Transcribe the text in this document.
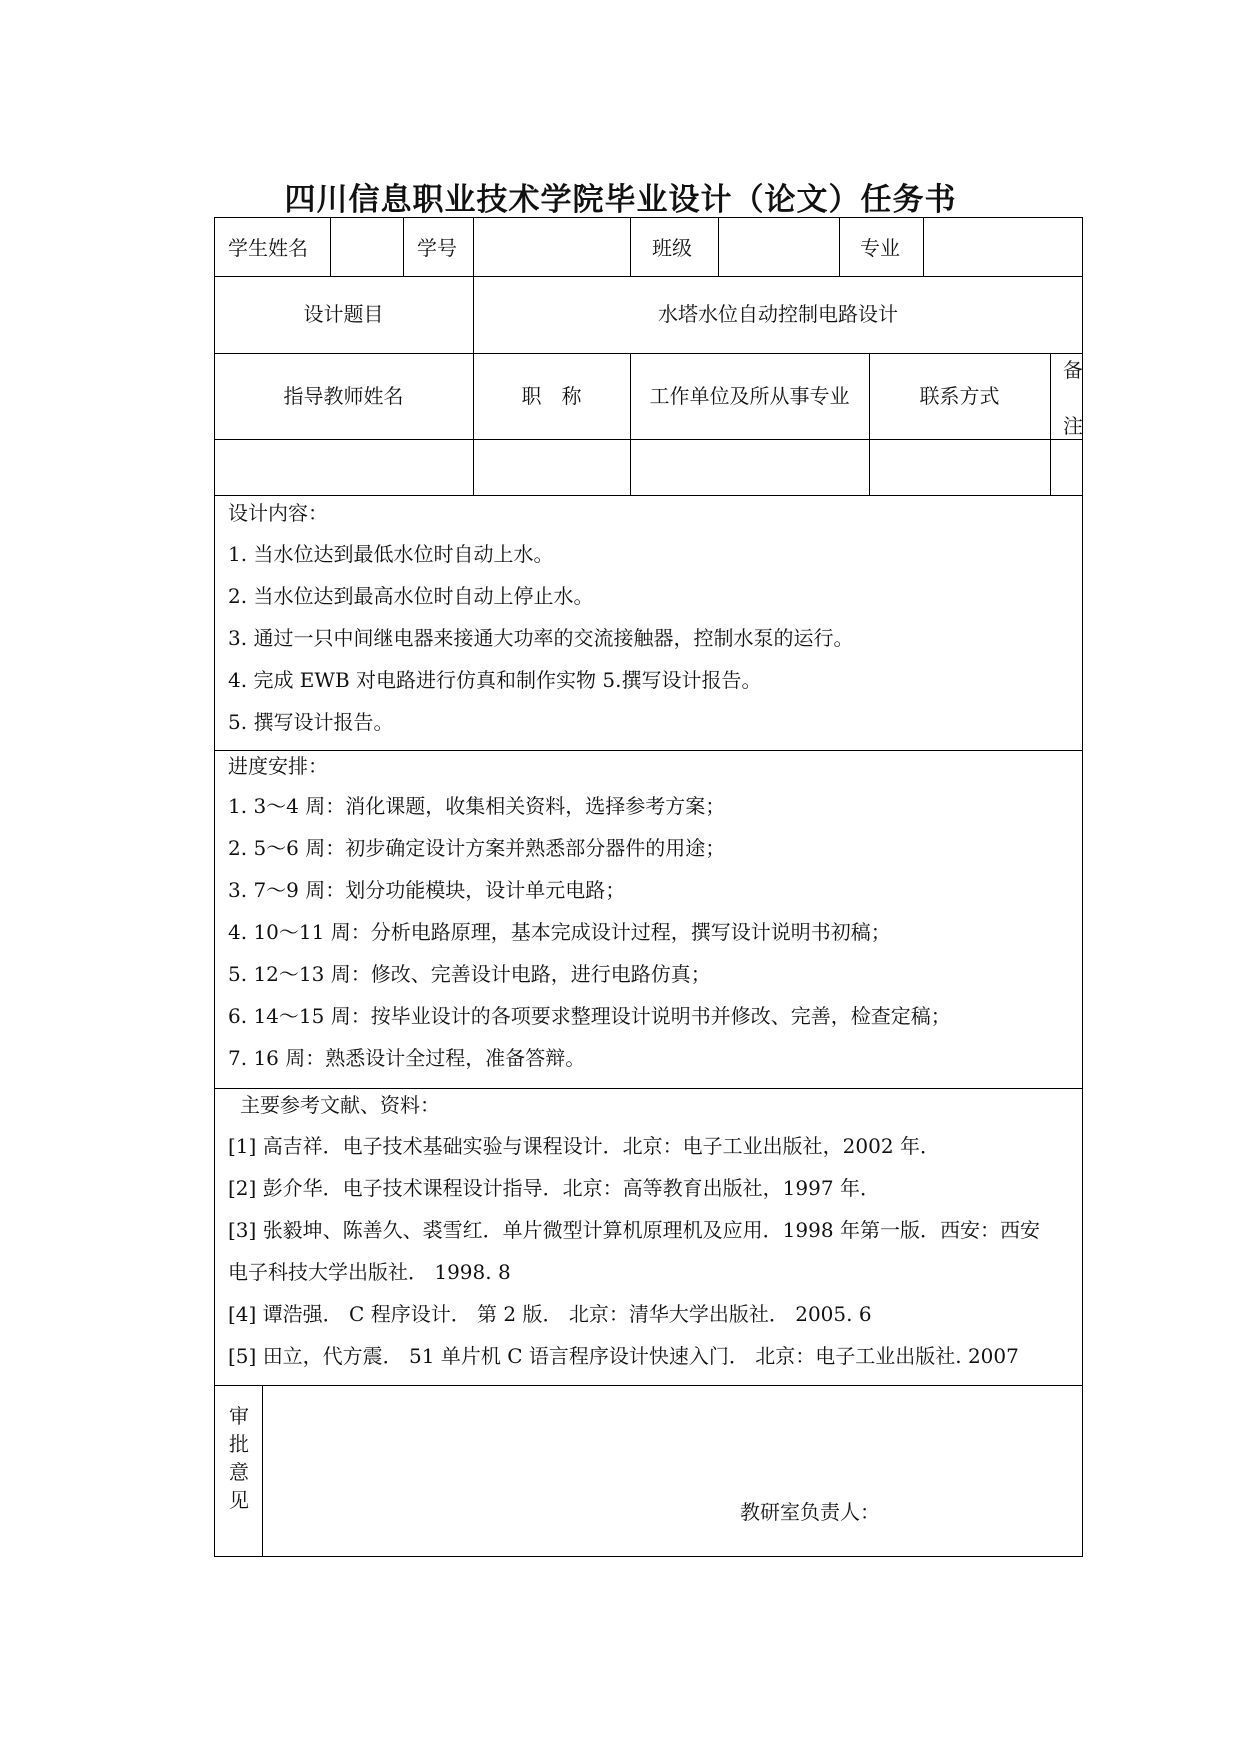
四川信息职业技术学院毕业设计（论文）任务书
学生姓名	学号	班级	专业
设计题目	水塔水位自动控制电路设计
指导教师姓名	职　称	工作单位及所从事专业	联系方式
备
注
设计内容：
1. 当水位达到最低水位时自动上水。
2. 当水位达到最高水位时自动上停止水。
3. 通过一只中间继电器来接通大功率的交流接触器，控制水泵的运行。
4. 完成 EWB 对电路进行仿真和制作实物 5.撰写设计报告。
5. 撰写设计报告。
进度安排：
1. 3～4 周：消化课题，收集相关资料，选择参考方案；
2. 5～6 周：初步确定设计方案并熟悉部分器件的用途；
3. 7～9 周：划分功能模块，设计单元电路；
4. 10～11 周：分析电路原理，基本完成设计过程，撰写设计说明书初稿；
5. 12～13 周：修改、完善设计电路，进行电路仿真；
6. 14～15 周：按毕业设计的各项要求整理设计说明书并修改、完善，检查定稿；
7. 16 周：熟悉设计全过程，准备答辩。
主要参考文献、资料：
[1] 高吉祥．电子技术基础实验与课程设计．北京：电子工业出版社，2002 年．
[2] 彭介华．电子技术课程设计指导．北京：高等教育出版社，1997 年．
[3] 张毅坤、陈善久、裘雪红．单片微型计算机原理机及应用．1998 年第一版．西安：西安
电子科技大学出版社． 1998. 8
[4] 谭浩强． C 程序设计． 第 2 版． 北京：清华大学出版社． 2005. 6
[5] 田立，代方震． 51 单片机 C 语言程序设计快速入门． 北京：电子工业出版社. 2007
审
批
意
见	教研室负责人：
